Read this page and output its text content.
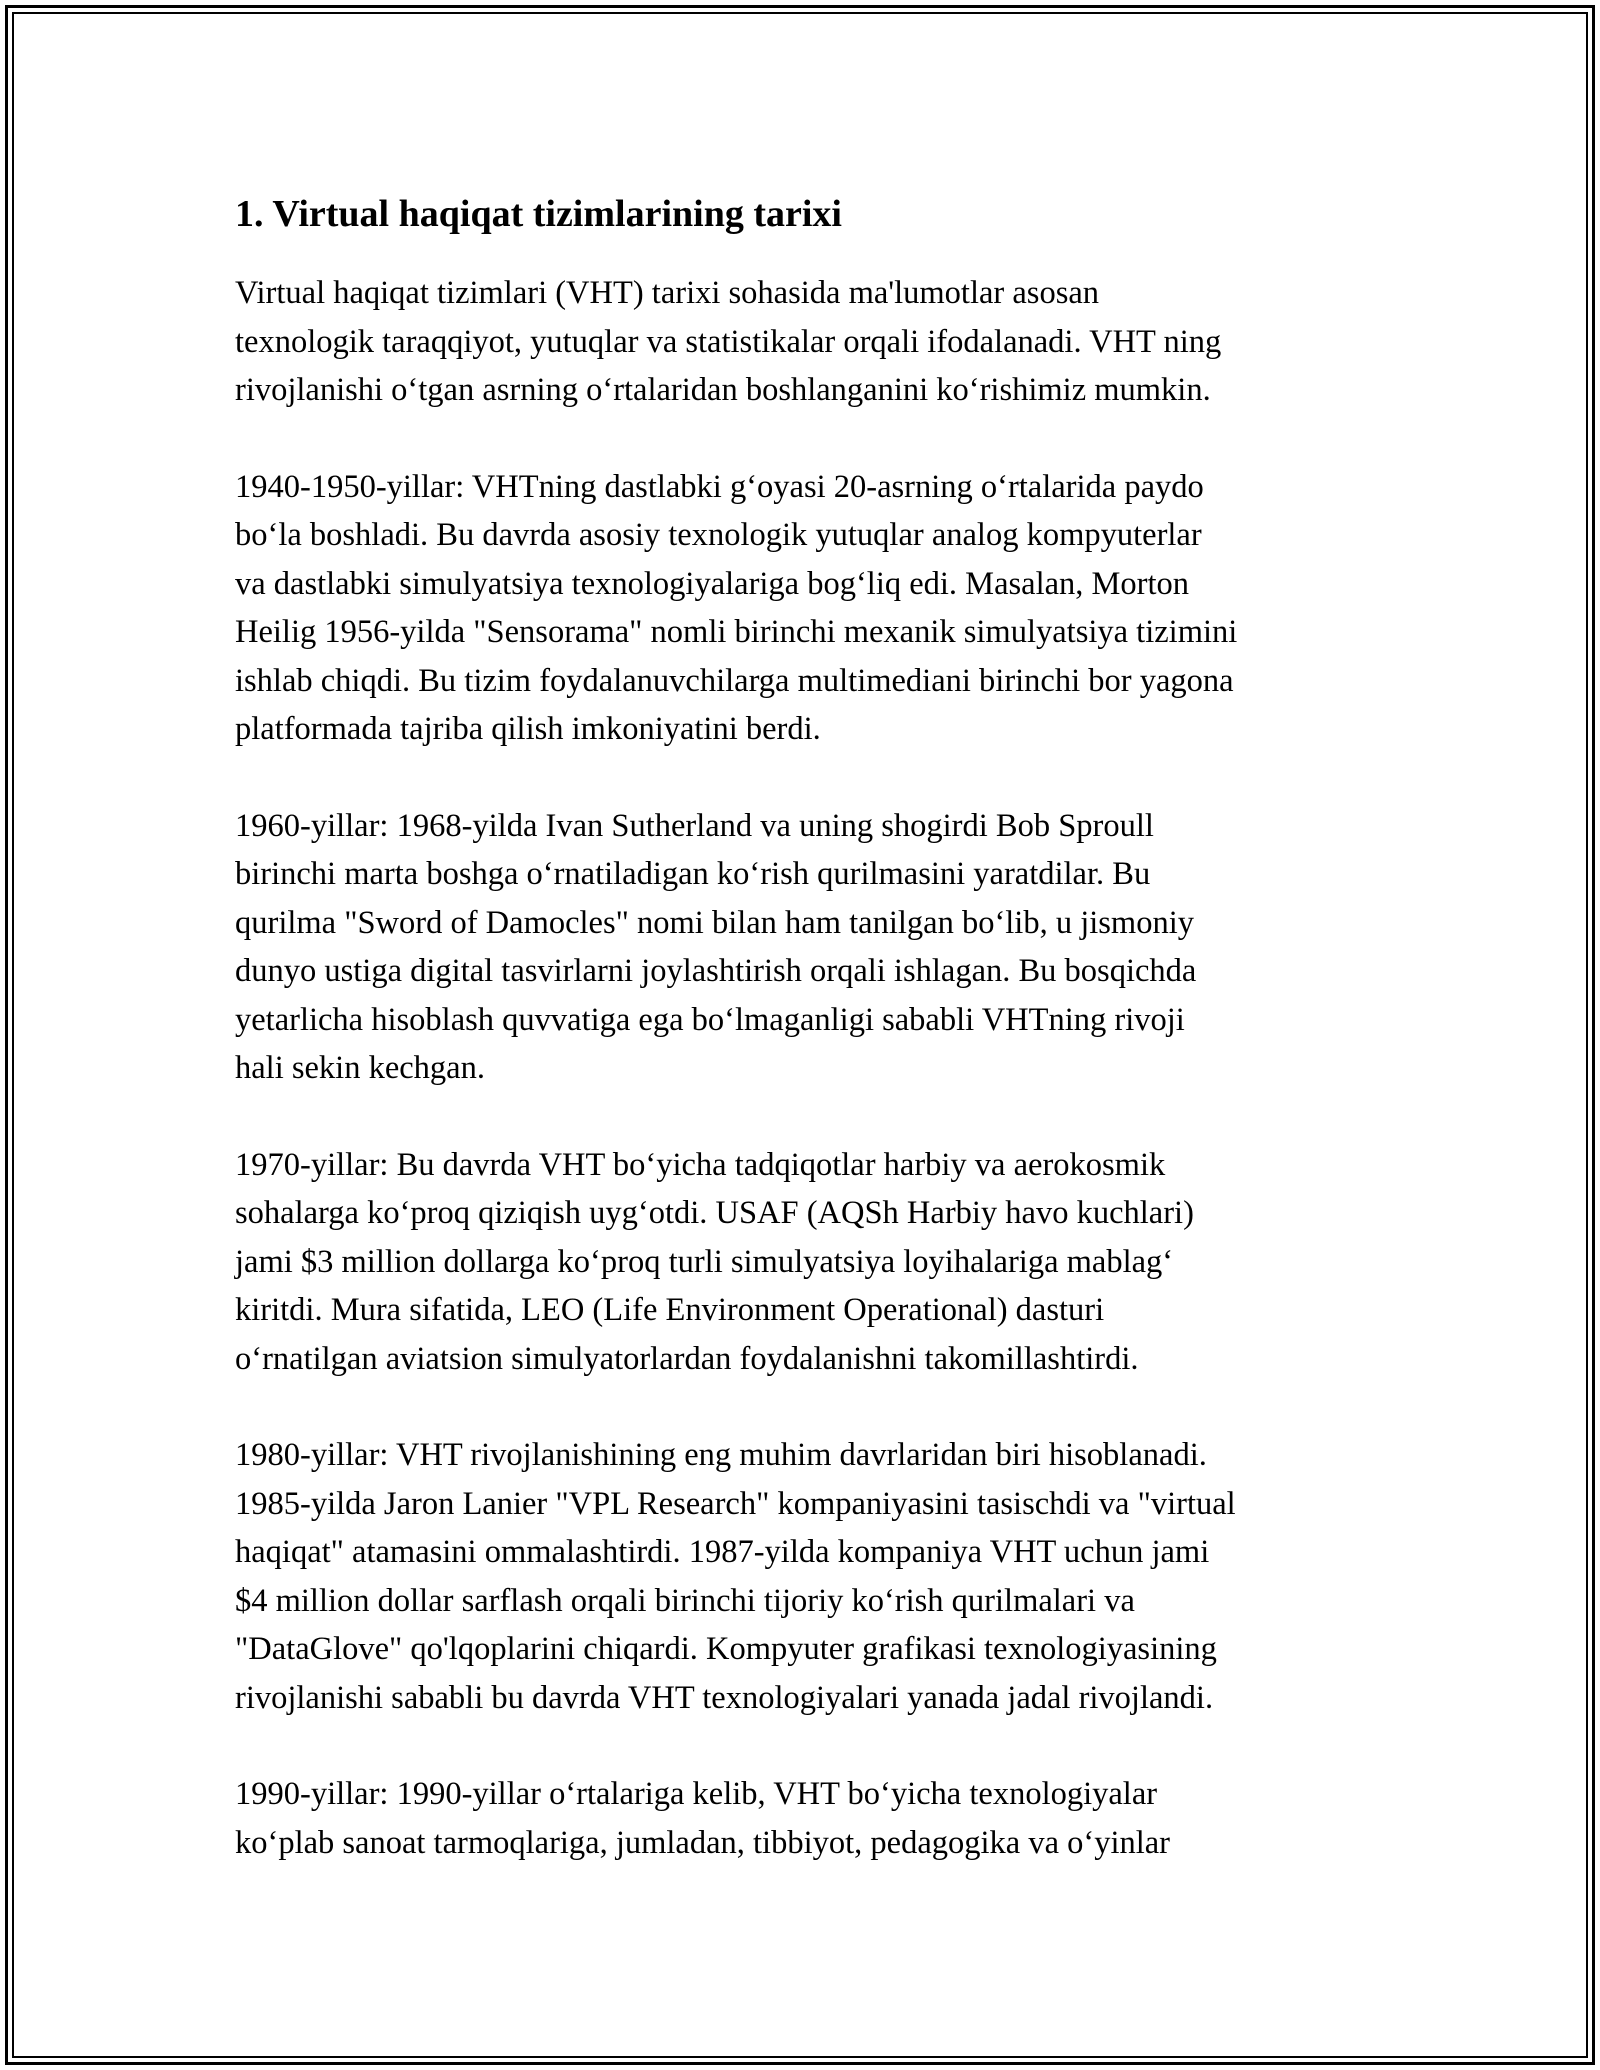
1. Virtual haqiqat tizimlarining tarixi

Virtual haqiqat tizimlari (VHT) tarixi sohasida ma'lumotlar asosan
texnologik taraqqiyot, yutuqlar va statistikalar orqali ifodalanadi. VHT ning
rivojlanishi oʻtgan asrning oʻrtalaridan boshlanganini koʻrishimiz mumkin.

1940-1950-yillar: VHTning dastlabki gʻoyasi 20-asrning oʻrtalarida paydo
boʻla boshladi. Bu davrda asosiy texnologik yutuqlar analog kompyuterlar
va dastlabki simulyatsiya texnologiyalariga bogʻliq edi. Masalan, Morton
Heilig 1956-yilda "Sensorama" nomli birinchi mexanik simulyatsiya tizimini
ishlab chiqdi. Bu tizim foydalanuvchilarga multimediani birinchi bor yagona
platformada tajriba qilish imkoniyatini berdi.

1960-yillar: 1968-yilda Ivan Sutherland va uning shogirdi Bob Sproull
birinchi marta boshga oʻrnatiladigan koʻrish qurilmasini yaratdilar. Bu
qurilma "Sword of Damocles" nomi bilan ham tanilgan boʻlib, u jismoniy
dunyo ustiga digital tasvirlarni joylashtirish orqali ishlagan. Bu bosqichda
yetarlicha hisoblash quvvatiga ega boʻlmaganligi sababli VHTning rivoji
hali sekin kechgan.

1970-yillar: Bu davrda VHT boʻyicha tadqiqotlar harbiy va aerokosmik
sohalarga koʻproq qiziqish uygʻotdi. USAF (AQSh Harbiy havo kuchlari)
jami $3 million dollarga koʻproq turli simulyatsiya loyihalariga mablagʻ
kiritdi. Mura sifatida, LEO (Life Environment Operational) dasturi
oʻrnatilgan aviatsion simulyatorlardan foydalanishni takomillashtirdi.

1980-yillar: VHT rivojlanishining eng muhim davrlaridan biri hisoblanadi.
1985-yilda Jaron Lanier "VPL Research" kompaniyasini tasischdi va "virtual
haqiqat" atamasini ommalashtirdi. 1987-yilda kompaniya VHT uchun jami
$4 million dollar sarflash orqali birinchi tijoriy koʻrish qurilmalari va
"DataGlove" qo'lqoplarini chiqardi. Kompyuter grafikasi texnologiyasining
rivojlanishi sababli bu davrda VHT texnologiyalari yanada jadal rivojlandi.

1990-yillar: 1990-yillar oʻrtalariga kelib, VHT boʻyicha texnologiyalar
koʻplab sanoat tarmoqlariga, jumladan, tibbiyot, pedagogika va oʻyinlar
